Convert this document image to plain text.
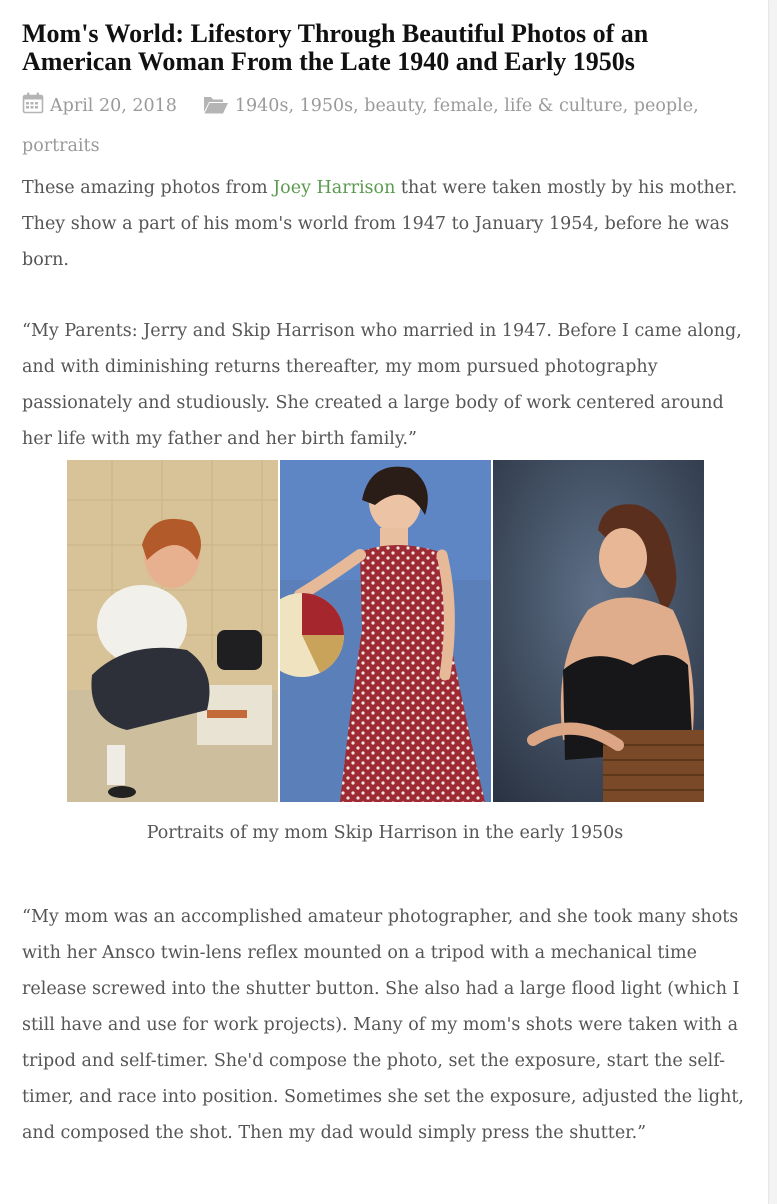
Mom's World: Lifestory Through Beautiful Photos of an
American Woman From the Late 1940 and Early 1950s
April 20, 2018	1940s, 1950s, beauty, female, life & culture, people, portraits

These amazing photos from Joey Harrison that were taken mostly by his mother. They show a part of his mom's world from 1947 to January 1954, before he was born.

“My Parents: Jerry and Skip Harrison who married in 1947. Before I came along, and with diminishing returns thereafter, my mom pursued photography passionately and studiously. She created a large body of work centered around her life with my father and her birth family.”

Portraits of my mom Skip Harrison in the early 1950s

“My mom was an accomplished amateur photographer, and she took many shots with her Ansco twin-lens reflex mounted on a tripod with a mechanical time release screwed into the shutter button. She also had a large flood light (which I still have and use for work projects). Many of my mom's shots were taken with a tripod and self-timer. She'd compose the photo, set the exposure, start the self-timer, and race into position. Sometimes she set the exposure, adjusted the light, and composed the shot. Then my dad would simply press the shutter.”
